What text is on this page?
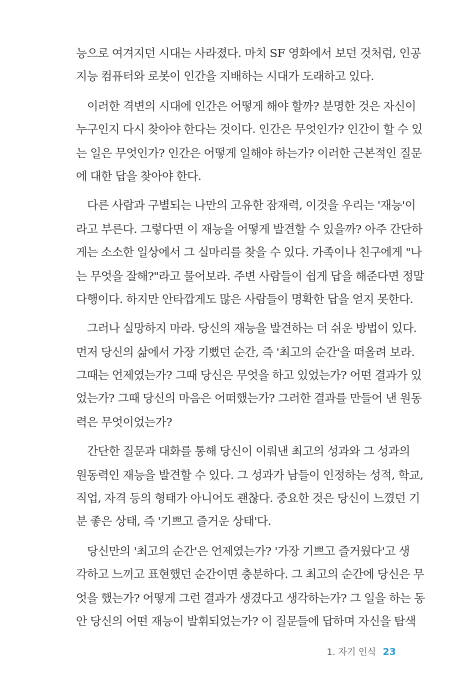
능으로 여겨지던 시대는 사라졌다. 마치 SF 영화에서 보던 것처럼, 인공
지능 컴퓨터와 로봇이 인간을 지배하는 시대가 도래하고 있다.
이러한 격변의 시대에 인간은 어떻게 해야 할까? 분명한 것은 자신이
누구인지 다시 찾아야 한다는 것이다. 인간은 무엇인가? 인간이 할 수 있
는 일은 무엇인가? 인간은 어떻게 일해야 하는가? 이러한 근본적인 질문
에 대한 답을 찾아야 한다.
다른 사람과 구별되는 나만의 고유한 잠재력, 이것을 우리는 '재능'이
라고 부른다. 그렇다면 이 재능을 어떻게 발견할 수 있을까? 아주 간단하
게는 소소한 일상에서 그 실마리를 찾을 수 있다. 가족이나 친구에게 "나
는 무엇을 잘해?"라고 물어보라. 주변 사람들이 쉽게 답을 해준다면 정말
다행이다. 하지만 안타깝게도 많은 사람들이 명확한 답을 얻지 못한다.
그러나 실망하지 마라. 당신의 재능을 발견하는 더 쉬운 방법이 있다.
먼저 당신의 삶에서 가장 기뻤던 순간, 즉 '최고의 순간'을 떠올려 보라.
그때는 언제였는가? 그때 당신은 무엇을 하고 있었는가? 어떤 결과가 있
었는가? 그때 당신의 마음은 어떠했는가? 그러한 결과를 만들어 낸 원동
력은 무엇이었는가?
간단한 질문과 대화를 통해 당신이 이뤄낸 최고의 성과와 그 성과의
원동력인 재능을 발견할 수 있다. 그 성과가 남들이 인정하는 성적, 학교,
직업, 자격 등의 형태가 아니어도 괜찮다. 중요한 것은 당신이 느꼈던 기
분 좋은 상태, 즉 '기쁘고 즐거운 상태'다.
당신만의 '최고의 순간'은 언제였는가? '가장 기쁘고 즐거웠다'고 생
각하고 느끼고 표현했던 순간이면 충분하다. 그 최고의 순간에 당신은 무
엇을 했는가? 어떻게 그런 결과가 생겼다고 생각하는가? 그 일을 하는 동
안 당신의 어떤 재능이 발휘되었는가? 이 질문들에 답하며 자신을 탐색
1. 자기 인식 23
